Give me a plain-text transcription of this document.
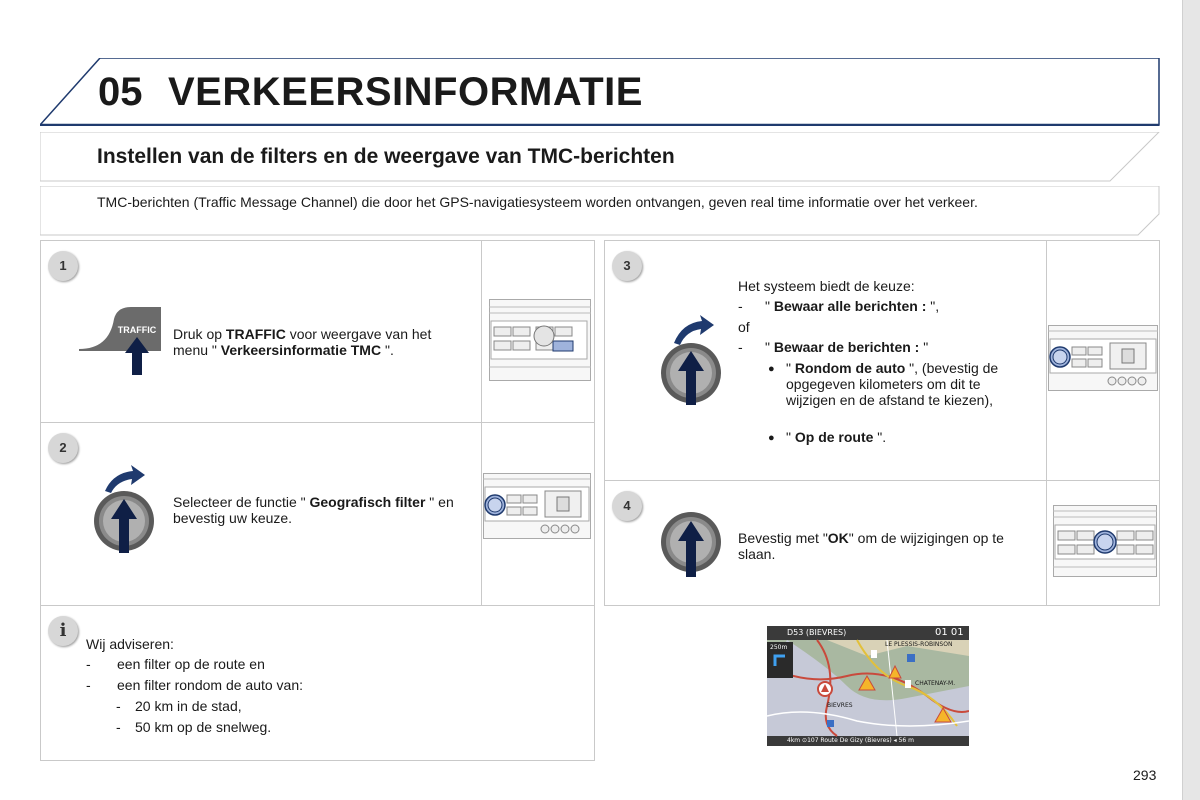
05 VERKEERSINFORMATIE
Instellen van de filters en de weergave van TMC-berichten
TMC-berichten (Traffic Message Channel) die door het GPS-navigatiesysteem worden ontvangen, geven real time informatie over het verkeer.
1
TRAFFIC Druk op TRAFFIC voor weergave van het menu " Verkeersinformatie TMC ".
2
Selecteer de functie " Geografisch filter " en bevestig uw keuze.
3
Het systeem biedt de keuze:
- " Bewaar alle berichten : ",
of
- " Bewaar de berichten : "
● " Rondom de auto ", (bevestig de opgegeven kilometers om dit te wijzigen en de afstand te kiezen),
● " Op de route ".
4
Bevestig met "OK" om de wijzigingen op te slaan.
i
Wij adviseren:
- een filter op de route en
- een filter rondom de auto van:
- 20 km in de stad,
- 50 km op de snelweg.
D53 (BIEVRES)	01 01
250m	LE PLESSIS-ROBINSON
CHATENAY-M.
BIEVRES
4km ⊙107 Route De Gizy (Bievres) ◂ 56 m
293
